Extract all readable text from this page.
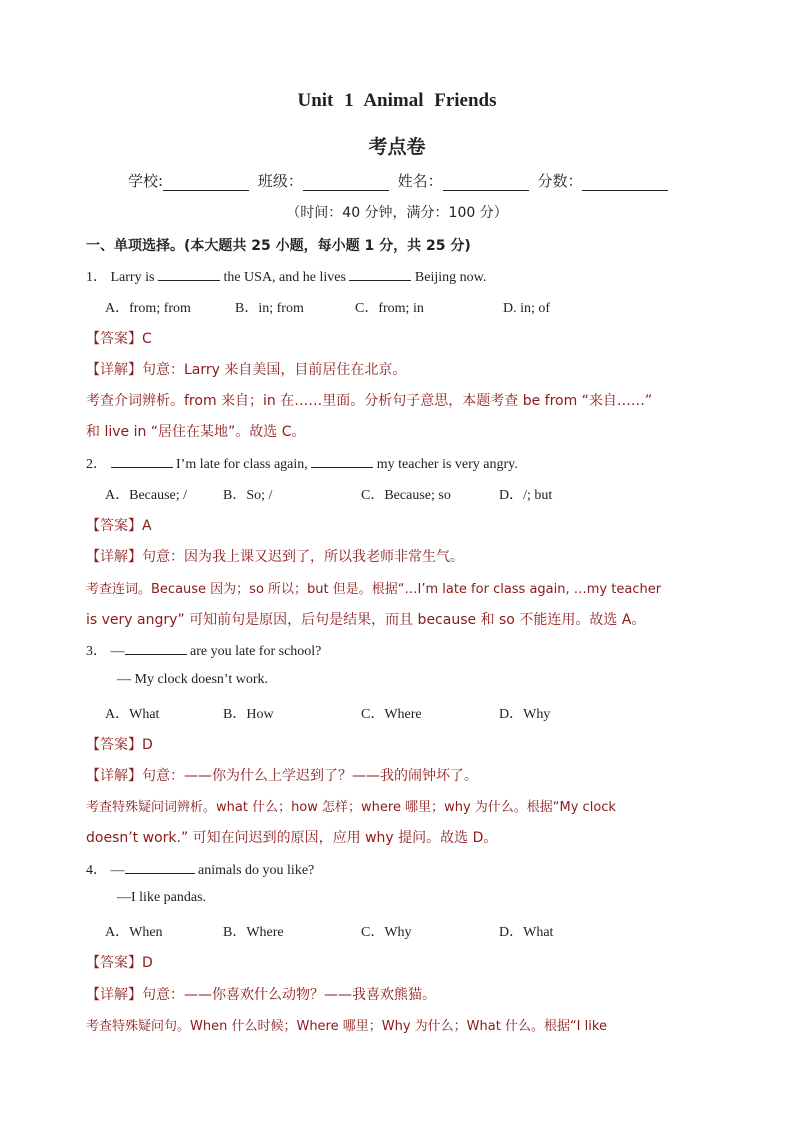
Unit 1 Animal Friends
考点卷
学校:	班级：	姓名：	分数：
（时间：40 分钟，满分：100 分）
一、单项选择。(本大题共 25 小题，每小题 1 分，共 25 分)
1． Larry is	the USA, and he lives	Beijing now.
A．from; from	B．in; from	C．from; in	D. in; of
【答案】C
【详解】句意：Larry 来自美国，目前居住在北京。
考查介词辨析。from 来自；in 在……里面。分析句子意思，本题考查 be from “来自……”
和 live in “居住在某地”。故选 C。
2．	I’m late for class again,	my teacher is very angry.
A．Because; /	B．So; /	C．Because; so	D．/; but
【答案】A
【详解】句意：因为我上课又迟到了，所以我老师非常生气。
考查连词。Because 因为；so 所以；but 但是。根据“…I’m late for class again, …my teacher
is very angry” 可知前句是原因，后句是结果，而且 because 和 so 不能连用。故选 A。
3． —	are you late for school?
— My clock doesn’t work.
A．What	B．How	C．Where	D．Why
【答案】D
【详解】句意：——你为什么上学迟到了？——我的闹钟坏了。
考查特殊疑问词辨析。what 什么；how 怎样；where 哪里；why 为什么。根据“My clock
doesn’t work.” 可知在问迟到的原因，应用 why 提问。故选 D。
4． —	animals do you like?
—I like pandas.
A．When	B．Where	C．Why	D．What
【答案】D
【详解】句意：——你喜欢什么动物？——我喜欢熊猫。
考查特殊疑问句。When 什么时候；Where 哪里；Why 为什么；What 什么。根据“I like
